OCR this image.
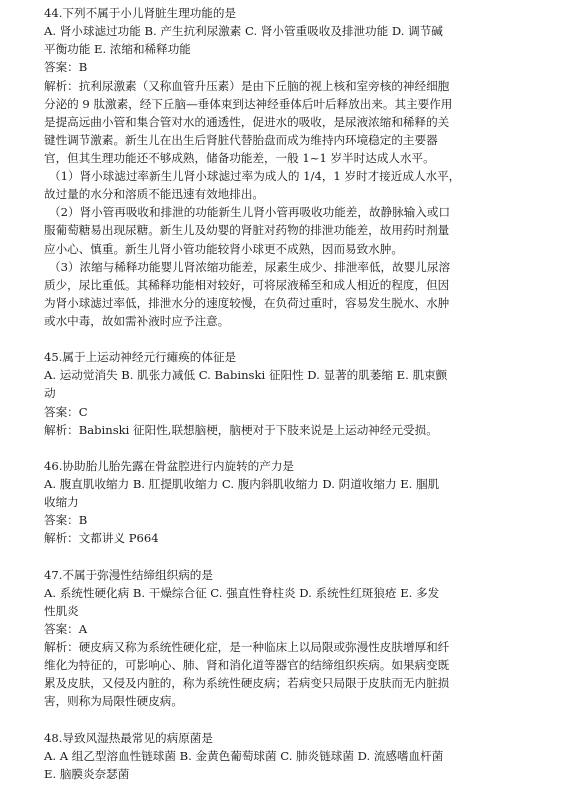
44.下列不属于小儿肾脏生理功能的是
A. 肾小球滤过功能 B. 产生抗利尿激素 C. 肾小管重吸收及排泄功能 D. 调节碱
平衡功能 E. 浓缩和稀释功能
答案：B
解析：抗利尿激素（又称血管升压素）是由下丘脑的视上核和室旁核的神经细胞
分泌的 9 肽激素，经下丘脑—垂体束到达神经垂体后叶后释放出来。其主要作用
是提高远曲小管和集合管对水的通透性，促进水的吸收，是尿液浓缩和稀释的关
键性调节激素。新生儿在出生后肾脏代替胎盘而成为维持内环境稳定的主要器
官，但其生理功能还不够成熟，储备功能差，一般 1~1 岁半时达成人水平。
（1）肾小球滤过率新生儿肾小球滤过率为成人的 1/4，1 岁时才接近成人水平，
故过量的水分和溶质不能迅速有效地排出。
（2）肾小管再吸收和排泄的功能新生儿肾小管再吸收功能差，故静脉输入或口
服葡萄糖易出现尿糖。新生儿及幼婴的肾脏对药物的排泄功能差，故用药时剂量
应小心、慎重。新生儿肾小管功能较肾小球更不成熟，因而易致水肿。
（3）浓缩与稀释功能婴儿肾浓缩功能差，尿素生成少、排泄率低，故婴儿尿溶
质少，尿比重低。其稀释功能相对较好，可将尿液稀至和成人相近的程度，但因
为肾小球滤过率低，排泄水分的速度较慢，在负荷过重时，容易发生脱水、水肿
或水中毒，故如需补液时应予注意。
45.属于上运动神经元行瘫痪的体征是
A. 运动觉消失 B. 肌张力减低 C. Babinski 征阳性 D. 显著的肌萎缩 E. 肌束颤
动
答案：C
解析：Babinski 征阳性,联想脑梗，脑梗对于下肢来说是上运动神经元受损。
46.协助胎儿胎先露在骨盆腔进行内旋转的产力是
A. 腹直肌收缩力 B. 肛提肌收缩力 C. 腹内斜肌收缩力 D. 阴道收缩力 E. 腘肌
收缩力
答案：B
解析：文都讲义 P664
47.不属于弥漫性结缔组织病的是
A. 系统性硬化病 B. 干燥综合征 C. 强直性脊柱炎 D. 系统性红斑狼疮 E. 多发
性肌炎
答案：A
解析：硬皮病又称为系统性硬化症，是一种临床上以局限或弥漫性皮肤增厚和纤
维化为特征的，可影响心、肺、肾和消化道等器官的结缔组织疾病。如果病变既
累及皮肤，又侵及内脏的，称为系统性硬皮病；若病变只局限于皮肤而无内脏损
害，则称为局限性硬皮病。
48.导致风湿热最常见的病原菌是
A. A 组乙型溶血性链球菌 B. 金黄色葡萄球菌 C. 肺炎链球菌 D. 流感嗜血杆菌
E. 脑膜炎奈瑟菌
